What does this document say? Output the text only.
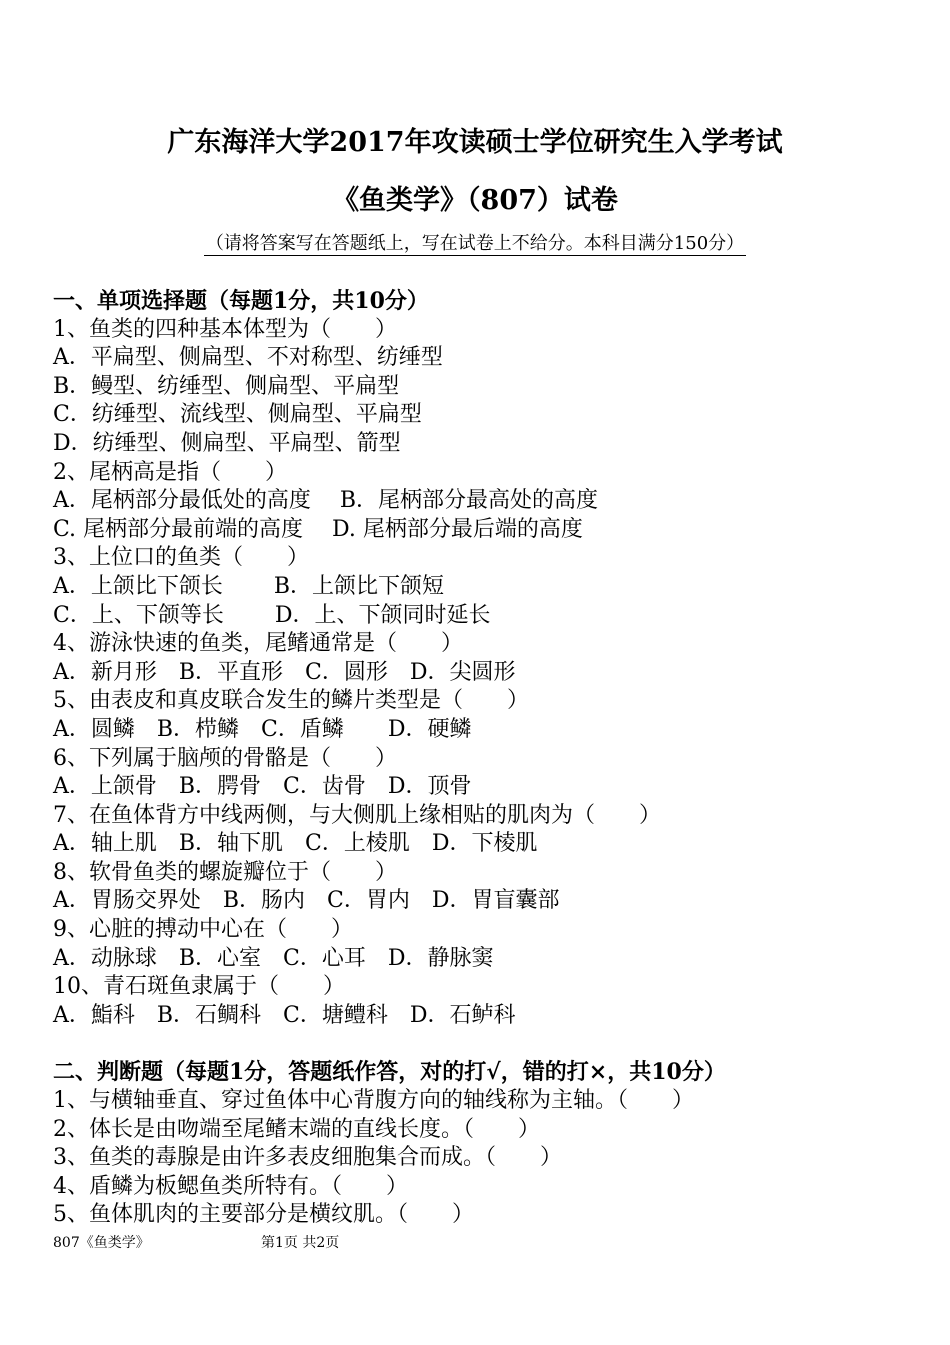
广东海洋大学2017年攻读硕士学位研究生入学考试
《鱼类学》（807）试卷
（请将答案写在答题纸上，写在试卷上不给分。本科目满分150分）
一、单项选择题（每题1分，共10分）
1、鱼类的四种基本体型为（　　）
A．平扁型、侧扁型、不对称型、纺缍型
B．鳗型、纺缍型、侧扁型、平扁型
C．纺缍型、流线型、侧扁型、平扁型
D．纺缍型、侧扁型、平扁型、箭型
2、尾柄高是指（　　）
A．尾柄部分最低处的高度　 B．尾柄部分最高处的高度
C. 尾柄部分最前端的高度　 D. 尾柄部分最后端的高度
3、上位口的鱼类（　　）
A．上颌比下颌长　　 B．上颌比下颌短
C．上、下颌等长　　 D．上、下颌同时延长
4、游泳快速的鱼类，尾鳍通常是（　　）
A．新月形　B．平直形　C．圆形　D．尖圆形
5、由表皮和真皮联合发生的鳞片类型是（　　）
A．圆鳞　B．栉鳞　C．盾鳞　　D．硬鳞
6、下列属于脑颅的骨骼是（　　）
A．上颌骨　B．腭骨　C．齿骨　D．顶骨
7、在鱼体背方中线两侧，与大侧肌上缘相贴的肌肉为（　　）
A．轴上肌　B．轴下肌　C．上棱肌　D．下棱肌
8、软骨鱼类的螺旋瓣位于（　　）
A．胃肠交界处　B．肠内　C．胃内　D．胃盲囊部
9、心脏的搏动中心在（　　）
A．动脉球　B．心室　C．心耳　D．静脉窦
10、青石斑鱼隶属于（　　）
A．鮨科　B．石鲷科　C．塘鳢科　D．石鲈科
二、判断题（每题1分，答题纸作答，对的打√，错的打×，共10分）
1、与横轴垂直、穿过鱼体中心背腹方向的轴线称为主轴。（　　）
2、体长是由吻端至尾鳍末端的直线长度。（　　）
3、鱼类的毒腺是由许多表皮细胞集合而成。（　　）
4、盾鳞为板鳃鱼类所特有。（　　）
5、鱼体肌肉的主要部分是横纹肌。（　　）
807《鱼类学》	第1页 共2页
